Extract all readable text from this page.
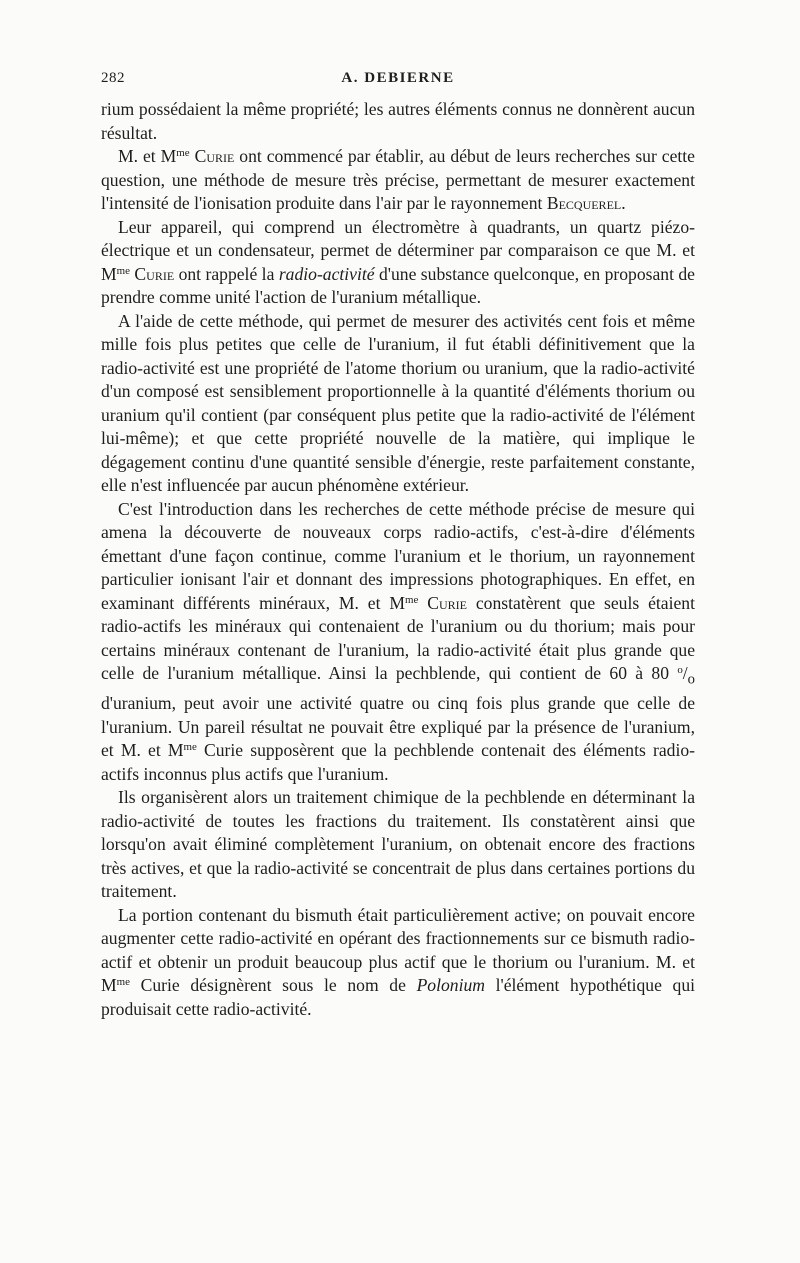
282	A. DEBIERNE

rium possédaient la même propriété; les autres éléments connus ne donnèrent aucun résultat.

M. et $M^{me}$ Curie ont commencé par établir, au début de leurs recherches sur cette question, une méthode de mesure très précise, permettant de mesurer exactement l'intensité de l'ionisation produite dans l'air par le rayonnement Becquerel.

Leur appareil, qui comprend un électromètre à quadrants, un quartz piézo-électrique et un condensateur, permet de déterminer par comparaison ce que M. et $M^{me}$ Curie ont rappelé la radio-activité d'une substance quelconque, en proposant de prendre comme unité l'action de l'uranium métallique.

A l'aide de cette méthode, qui permet de mesurer des activités cent fois et même mille fois plus petites que celle de l'uranium, il fut établi définitivement que la radio-activité est une propriété de l'atome thorium ou uranium, que la radio-activité d'un composé est sensiblement proportionnelle à la quantité d'éléments thorium ou uranium qu'il contient (par conséquent plus petite que la radio-activité de l'élément lui-même); et que cette propriété nouvelle de la matière, qui implique le dégagement continu d'une quantité sensible d'énergie, reste parfaitement constante, elle n'est influencée par aucun phénomène extérieur.

C'est l'introduction dans les recherches de cette méthode précise de mesure qui amena la découverte de nouveaux corps radio-actifs, c'est-à-dire d'éléments émettant d'une façon continue, comme l'uranium et le thorium, un rayonnement particulier ionisant l'air et donnant des impressions photographiques. En effet, en examinant différents minéraux, M. et $M^{me}$ Curie constatèrent que seuls étaient radio-actifs les minéraux qui contenaient de l'uranium ou du thorium; mais pour certains minéraux contenant de l'uranium, la radio-activité était plus grande que celle de l'uranium métallique. Ainsi la pechblende, qui contient de 60 à 80 $^o/_o$ d'uranium, peut avoir une activité quatre ou cinq fois plus grande que celle de l'uranium. Un pareil résultat ne pouvait être expliqué par la présence de l'uranium, et M. et $M^{me}$ Curie supposèrent que la pechblende contenait des éléments radio-actifs inconnus plus actifs que l'uranium.

Ils organisèrent alors un traitement chimique de la pechblende en déterminant la radio-activité de toutes les fractions du traitement. Ils constatèrent ainsi que lorsqu'on avait éliminé complètement l'uranium, on obtenait encore des fractions très actives, et que la radio-activité se concentrait de plus dans certaines portions du traitement.

La portion contenant du bismuth était particulièrement active; on pouvait encore augmenter cette radio-activité en opérant des fractionnements sur ce bismuth radio-actif et obtenir un produit beaucoup plus actif que le thorium ou l'uranium. M. et $M^{me}$ Curie désignèrent sous le nom de Polonium l'élément hypothétique qui produisait cette radio-activité.
